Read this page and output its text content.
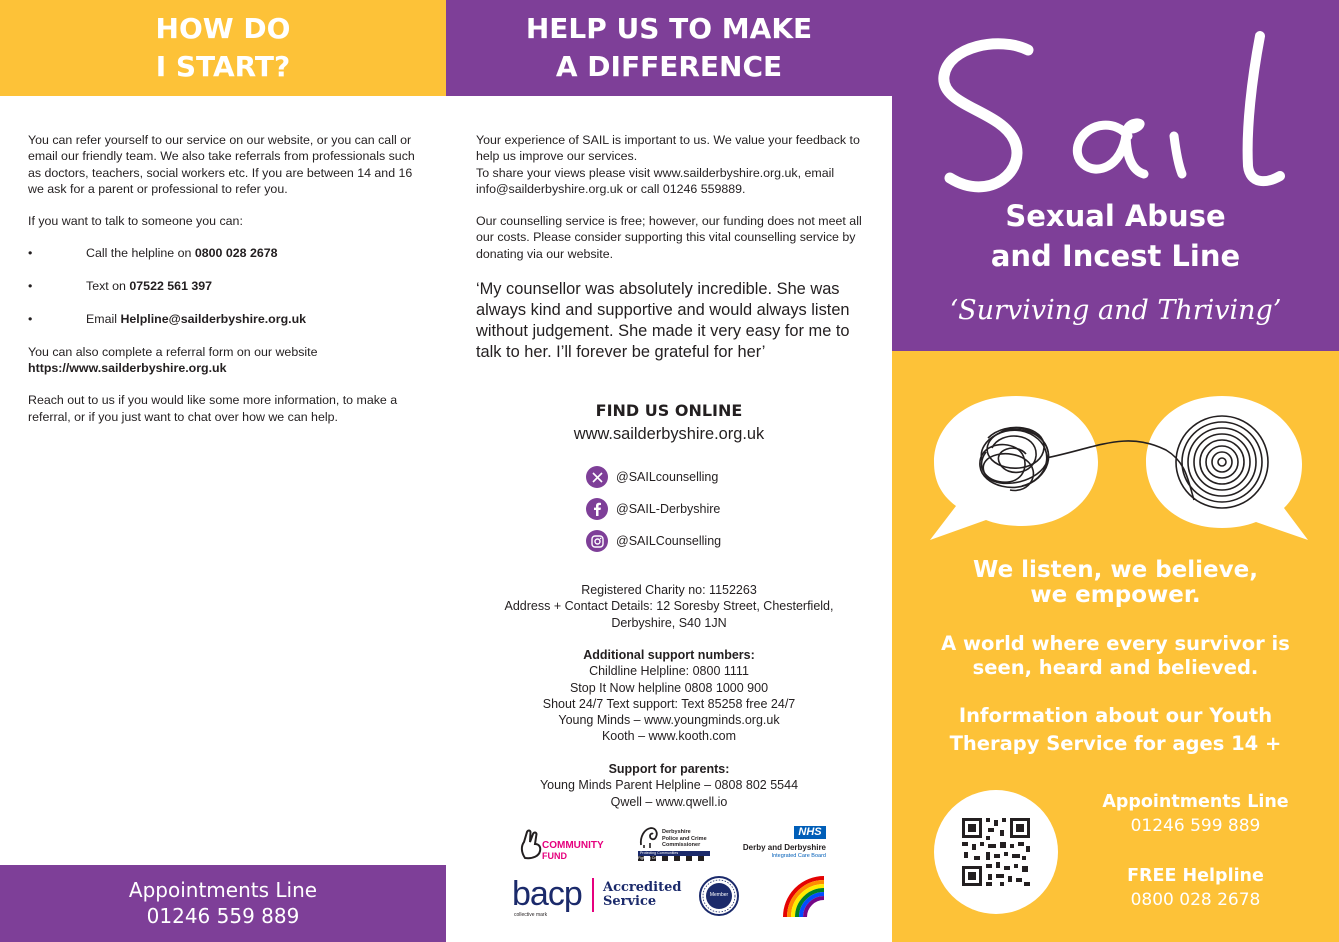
HOW DO
I START?

You can refer yourself to our service on our website, or you can call or email our friendly team. We also take referrals from professionals such as doctors, teachers, social workers etc. If you are between 14 and 16 we ask for a parent or professional to refer you.

If you want to talk to someone you can:

• Call the helpline on 0800 028 2678
• Text on 07522 561 397
• Email Helpline@sailderbyshire.org.uk

You can also complete a referral form on our website
https://www.sailderbyshire.org.uk

Reach out to us if you would like some more information, to make a referral, or if you just want to chat over how we can help.

Appointments Line
01246 559 889
HELP US TO MAKE
A DIFFERENCE

Your experience of SAIL is important to us. We value your feedback to help us improve our services.

To share your views please visit www.sailderbyshire.org.uk, email info@sailderbyshire.org.uk or call 01246 559889.

Our counselling service is free; however, our funding does not meet all our costs. Please consider supporting this vital counselling service by donating via our website.

‘My counsellor was absolutely incredible. She was always kind and supportive and would always listen without judgement. She made it very easy for me to talk to her. I’ll forever be grateful for her’
FIND US ONLINE
www.sailderbyshire.org.uk
@SAILcounselling
@SAIL-Derbyshire
@SAILCounselling
Registered Charity no: 1152263
Address + Contact Details: 12 Soresby Street, Chesterfield,
Derbyshire, S40 1JN
Additional support numbers:
Childline Helpline: 0800 1111
Stop It Now helpline 0808 1000 900
Shout 24/7 Text support: Text 85258 free 24/7
Young Minds – www.youngminds.org.uk
Kooth – www.kooth.com
Support for parents:
Young Minds Parent Helpline – 0808 802 5544
Qwell – www.qwell.io
COMMUNITY
FUND
Derbyshire
Police and Crime
Commissioner
Protecting Communities
Fighting Crime
NHS
Derby and Derbyshire
Integrated Care Board
bacp
collective mark
Accredited
Service	Member
SAIL
Sexual Abuse
and Incest Line
‘Surviving and Thriving’
We listen, we believe,
we empower.
A world where every survivor is
seen, heard and believed.
Information about our Youth
Therapy Service for ages 14 +
Appointments Line
01246 599 889
FREE Helpline
0800 028 2678
